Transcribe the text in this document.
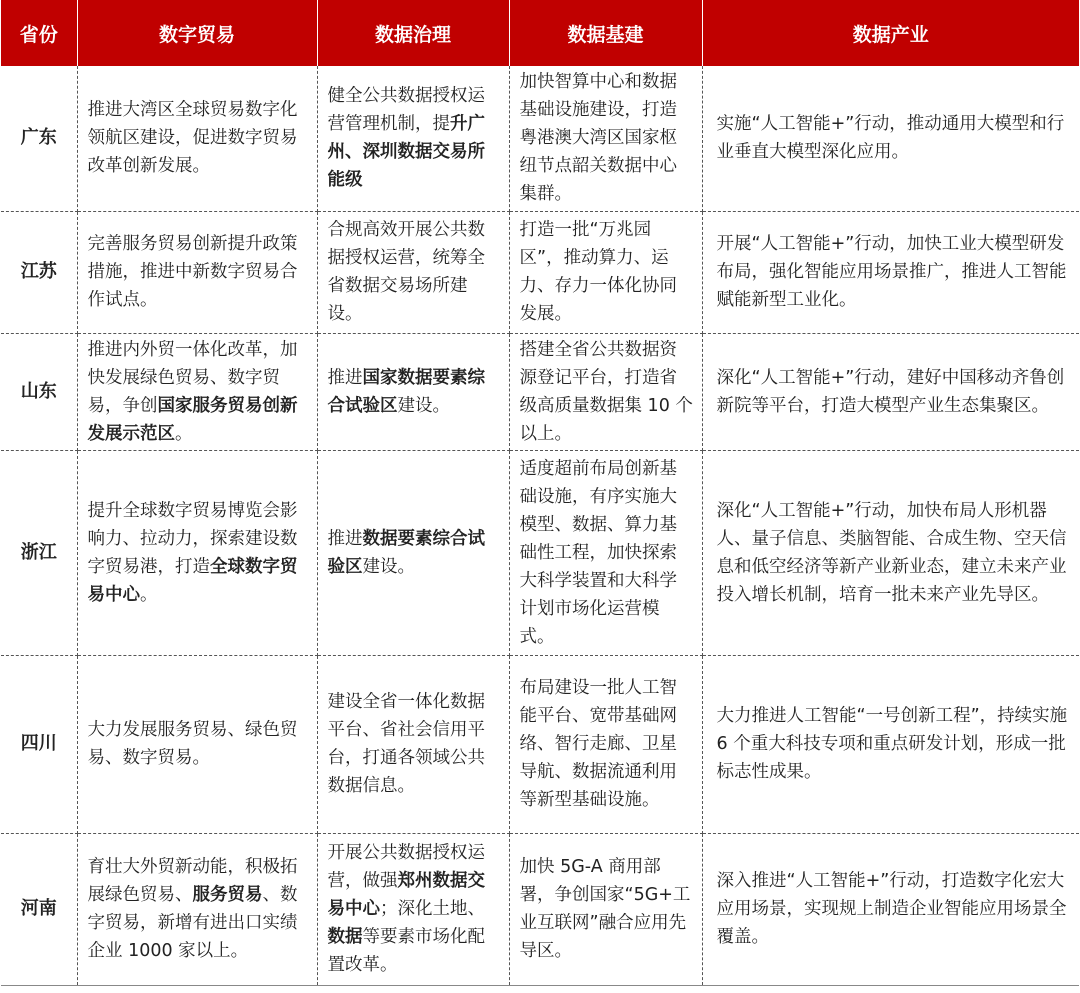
省份	数字贸易	数据治理	数据基建	数据产业
广东	推进大湾区全球贸易数字化领航区建设，促进数字贸易改革创新发展。	健全公共数据授权运营管理机制，提升广州、深圳数据交易所能级	加快智算中心和数据基础设施建设，打造粤港澳大湾区国家枢纽节点韶关数据中心集群。	实施“人工智能+”行动，推动通用大模型和行业垂直大模型深化应用。
江苏	完善服务贸易创新提升政策措施，推进中新数字贸易合作试点。	合规高效开展公共数据授权运营，统筹全省数据交易场所建设。	打造一批“万兆园区”，推动算力、运力、存力一体化协同发展。	开展“人工智能+”行动，加快工业大模型研发布局，强化智能应用场景推广，推进人工智能赋能新型工业化。
山东	推进内外贸一体化改革，加快发展绿色贸易、数字贸易，争创国家服务贸易创新发展示范区。	推进国家数据要素综合试验区建设。	搭建全省公共数据资源登记平台，打造省级高质量数据集 10 个以上。	深化“人工智能+”行动，建好中国移动齐鲁创新院等平台，打造大模型产业生态集聚区。
浙江	提升全球数字贸易博览会影响力、拉动力，探索建设数字贸易港，打造全球数字贸易中心。	推进数据要素综合试验区建设。	适度超前布局创新基础设施，有序实施大模型、数据、算力基础性工程，加快探索大科学装置和大科学计划市场化运营模式。	深化“人工智能+”行动，加快布局人形机器人、量子信息、类脑智能、合成生物、空天信息和低空经济等新产业新业态，建立未来产业投入增长机制，培育一批未来产业先导区。
四川	大力发展服务贸易、绿色贸易、数字贸易。	建设全省一体化数据平台、省社会信用平台，打通各领域公共数据信息。	布局建设一批人工智能平台、宽带基础网络、智行走廊、卫星导航、数据流通利用等新型基础设施。	大力推进人工智能“一号创新工程”，持续实施 6 个重大科技专项和重点研发计划，形成一批标志性成果。
河南	育壮大外贸新动能，积极拓展绿色贸易、服务贸易、数字贸易，新增有进出口实绩企业 1000 家以上。	开展公共数据授权运营，做强郑州数据交易中心；深化土地、数据等要素市场化配置改革。	加快 5G-A 商用部署，争创国家“5G+工业互联网”融合应用先导区。	深入推进“人工智能+”行动，打造数字化宏大应用场景，实现规上制造企业智能应用场景全覆盖。
